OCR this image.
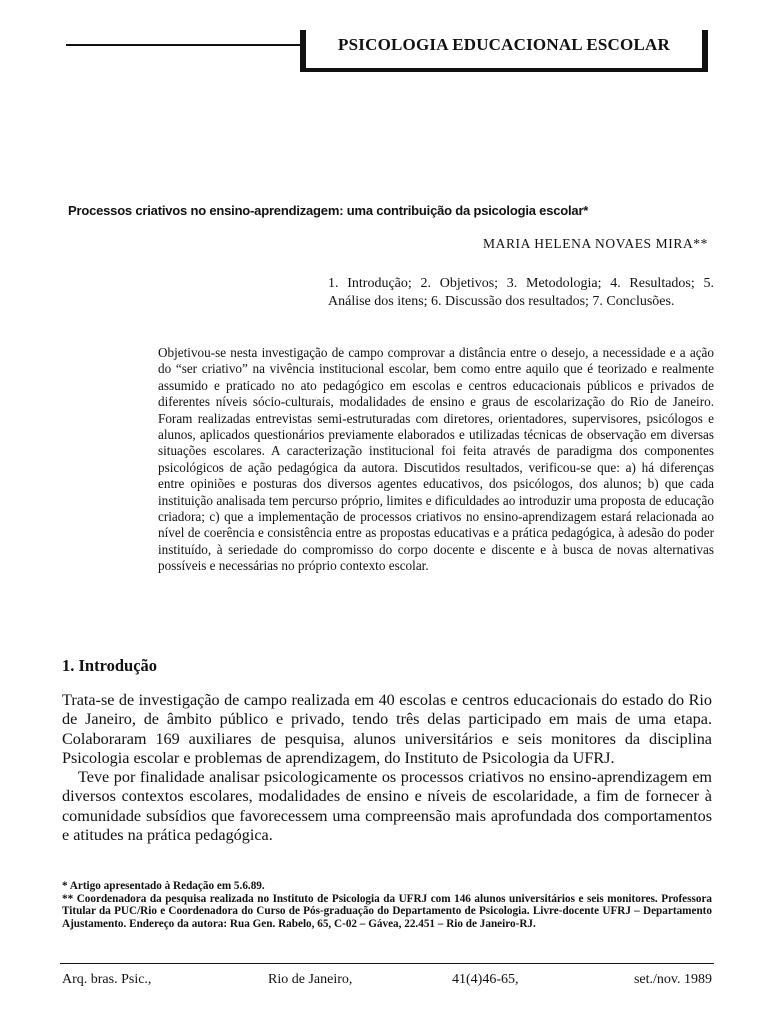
PSICOLOGIA EDUCACIONAL ESCOLAR
Processos criativos no ensino-aprendizagem: uma contribuição da psicologia escolar*
MARIA HELENA NOVAES MIRA**
1. Introdução; 2. Objetivos; 3. Metodologia; 4. Resultados; 5. Análise dos itens; 6. Discussão dos resultados; 7. Conclusões.
Objetivou-se nesta investigação de campo comprovar a distância entre o desejo, a necessidade e a ação do “ser criativo” na vivência institucional escolar, bem como entre aquilo que é teorizado e realmente assumido e praticado no ato pedagógico em escolas e centros educacionais públicos e privados de diferentes níveis sócio-culturais, modalidades de ensino e graus de escolarização do Rio de Janeiro. Foram realizadas entrevistas semi-estruturadas com diretores, orientadores, supervisores, psicólogos e alunos, aplicados questionários previamente elaborados e utilizadas técnicas de observação em diversas situações escolares. A caracterização institucional foi feita através de paradigma dos componentes psicológicos de ação pedagógica da autora. Discutidos resultados, verificou-se que: a) há diferenças entre opiniões e posturas dos diversos agentes educativos, dos psicólogos, dos alunos; b) que cada instituição analisada tem percurso próprio, limites e dificuldades ao introduzir uma proposta de educação criadora; c) que a implementação de processos criativos no ensino-aprendizagem estará relacionada ao nível de coerência e consistência entre as propostas educativas e a prática pedagógica, à adesão do poder instituído, à seriedade do compromisso do corpo docente e discente e à busca de novas alternativas possíveis e necessárias no próprio contexto escolar.
1. Introdução

Trata-se de investigação de campo realizada em 40 escolas e centros educacionais do estado do Rio de Janeiro, de âmbito público e privado, tendo três delas participado em mais de uma etapa. Colaboraram 169 auxiliares de pesquisa, alunos universitários e seis monitores da disciplina Psicologia escolar e problemas de aprendizagem, do Instituto de Psicologia da UFRJ.

Teve por finalidade analisar psicologicamente os processos criativos no ensino-aprendizagem em diversos contextos escolares, modalidades de ensino e níveis de escolaridade, a fim de fornecer à comunidade subsídios que favorecessem uma compreensão mais aprofundada dos comportamentos e atitudes na prática pedagógica.

* Artigo apresentado à Redação em 5.6.89.
** Coordenadora da pesquisa realizada no Instituto de Psicologia da UFRJ com 146 alunos universitários e seis monitores. Professora Titular da PUC/Rio e Coordenadora do Curso de Pós-graduação do Departamento de Psicologia. Livre-docente UFRJ – Departamento Ajustamento. Endereço da autora: Rua Gen. Rabelo, 65, C-02 – Gávea, 22.451 – Rio de Janeiro-RJ.
Arq. bras. Psic.,	Rio de Janeiro,	41(4)46-65,	set./nov. 1989
